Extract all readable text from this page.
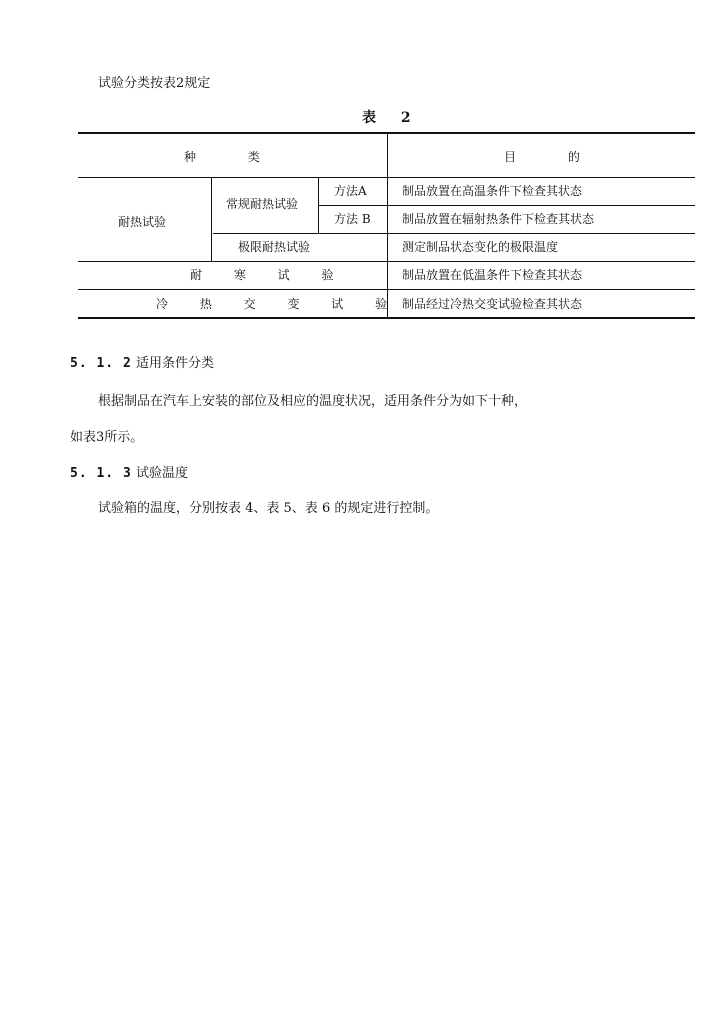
试验分类按表2规定
表 2
种 类	目 的
耐热试验
常规耐热试验
方法A
方法 B
极限耐热试验
耐 寒 试 验
冷 热 交 变 试 验
制品放置在高温条件下检查其状态
制品放置在辐射热条件下检查其状态
测定制品状态变化的极限温度
制品放置在低温条件下检查其状态
制品经过冷热交变试验检查其状态
5. 1. 2 适用条件分类
根据制品在汽车上安装的部位及相应的温度状况，适用条件分为如下十种，
如表3所示。
5. 1. 3 试验温度
试验箱的温度，分别按表 4、表 5、表 6 的规定进行控制。
